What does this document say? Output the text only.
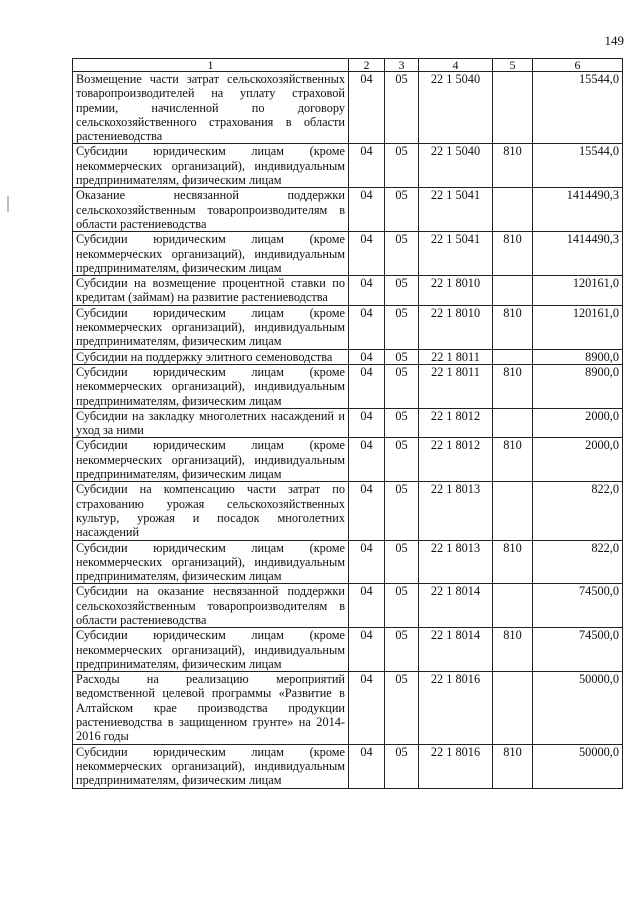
149
1	2	3	4	5	6
Возмещение части затрат сельскохозяйственных товаропроизводителей на уплату страховой премии, начисленной по договору сельскохозяйственного страхования в области растениеводства	04	05	22 1 5040		15544,0
Субсидии юридическим лицам (кроме некоммерческих организаций), индивидуальным предпринимателям, физическим лицам	04	05	22 1 5040	810	15544,0
Оказание несвязанной поддержки сельскохозяйственным товаропроизводителям в области растениеводства	04	05	22 1 5041		1414490,3
Субсидии юридическим лицам (кроме некоммерческих организаций), индивидуальным предпринимателям, физическим лицам	04	05	22 1 5041	810	1414490,3
Субсидии на возмещение процентной ставки по кредитам (займам) на развитие растениеводства	04	05	22 1 8010		120161,0
Субсидии юридическим лицам (кроме некоммерческих организаций), индивидуальным предпринимателям, физическим лицам	04	05	22 1 8010	810	120161,0
Субсидии на поддержку элитного семеноводства	04	05	22 1 8011		8900,0
Субсидии юридическим лицам (кроме некоммерческих организаций), индивидуальным предпринимателям, физическим лицам	04	05	22 1 8011	810	8900,0
Субсидии на закладку многолетних насаждений и уход за ними	04	05	22 1 8012		2000,0
Субсидии юридическим лицам (кроме некоммерческих организаций), индивидуальным предпринимателям, физическим лицам	04	05	22 1 8012	810	2000,0
Субсидии на компенсацию части затрат по страхованию урожая сельскохозяйственных культур, урожая и посадок многолетних насаждений	04	05	22 1 8013		822,0
Субсидии юридическим лицам (кроме некоммерческих организаций), индивидуальным предпринимателям, физическим лицам	04	05	22 1 8013	810	822,0
Субсидии на оказание несвязанной поддержки сельскохозяйственным товаропроизводителям в области растениеводства	04	05	22 1 8014		74500,0
Субсидии юридическим лицам (кроме некоммерческих организаций), индивидуальным предпринимателям, физическим лицам	04	05	22 1 8014	810	74500,0
Расходы на реализацию мероприятий ведомственной целевой программы «Развитие в Алтайском крае производства продукции растениеводства в защищенном грунте» на 2014-2016 годы	04	05	22 1 8016		50000,0
Субсидии юридическим лицам (кроме некоммерческих организаций), индивидуальным предпринимателям, физическим лицам	04	05	22 1 8016	810	50000,0
